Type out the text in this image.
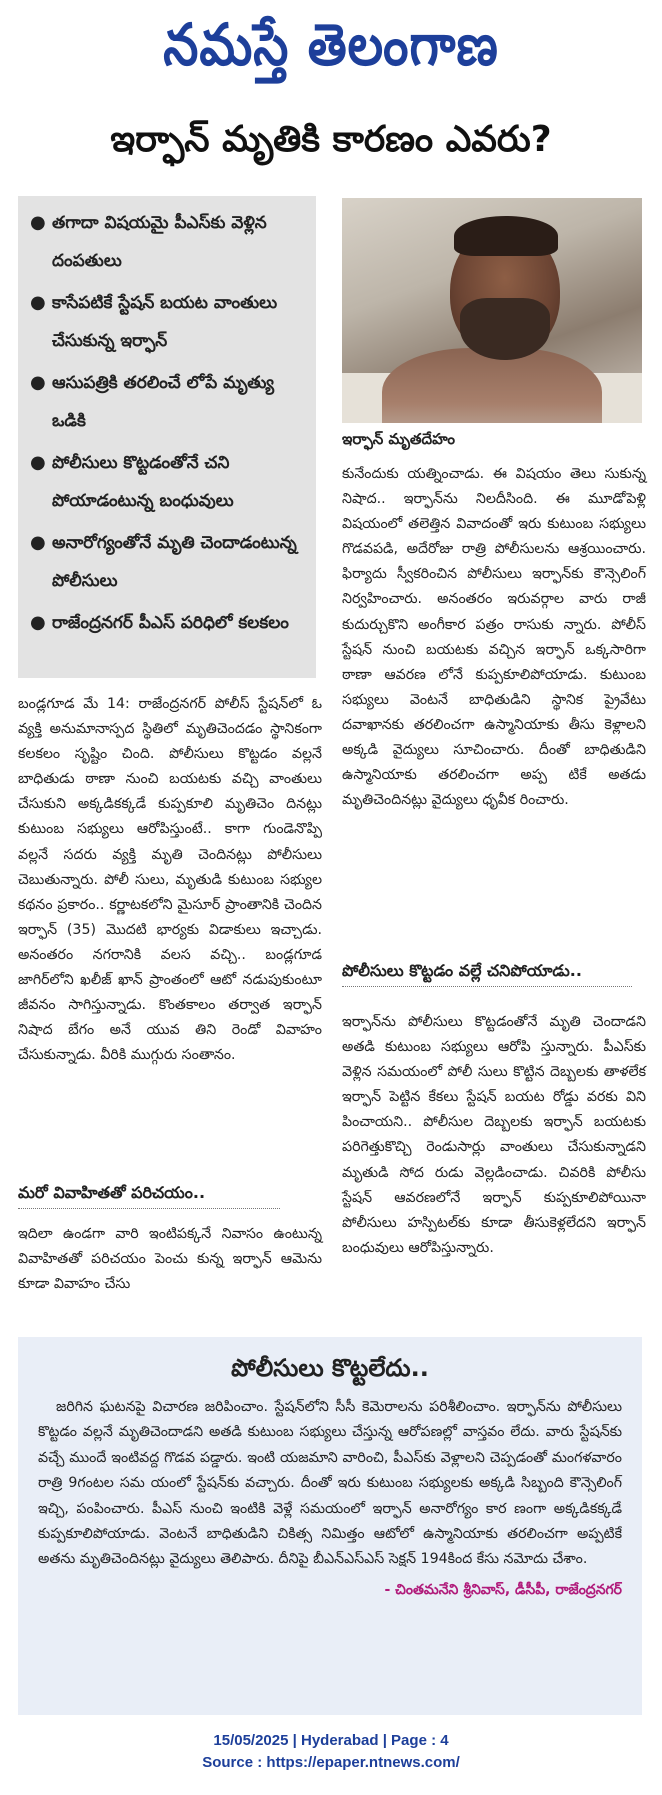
నమస్తే తెలంగాణ
ఇర్ఫాన్ మృతికి కారణం ఎవరు?
● తగాదా విషయమై పీఎస్‌కు వెళ్లిన దంపతులు
● కాసేపటికే స్టేషన్ బయట వాంతులు చేసుకున్న ఇర్ఫాన్
● ఆసుపత్రికి తరలించే లోపే మృత్యు ఒడికి
● పోలీసులు కొట్టడంతోనే చని పోయాడంటున్న బంధువులు
● అనారోగ్యంతోనే మృతి చెందాడంటున్న పోలీసులు
● రాజేంద్రనగర్ పీఎస్ పరిధిలో కలకలం
ఇర్ఫాన్ మృతదేహం
బండ్లగూడ మే 14: రాజేంద్రనగర్ పోలీస్ స్టేషన్‌లో ఓ వ్యక్తి అనుమానాస్పద స్థితిలో మృతిచెందడం స్థానికంగా కలకలం సృష్టిం చింది. పోలీసులు కొట్టడం వల్లనే బాధితుడు ఠాణా నుంచి బయటకు వచ్చి వాంతులు చేసుకుని అక్కడికక్కడే కుప్పకూలి మృతిచెం దినట్లు కుటుంబ సభ్యులు ఆరోపిస్తుంటే.. కాగా గుండెనొప్పి వల్లనే సదరు వ్యక్తి మృతి చెందినట్లు పోలీసులు చెబుతున్నారు. పోలీ సులు, మృతుడి కుటుంబ సభ్యుల కథనం ప్రకారం.. కర్ణాటకలోని మైసూర్ ప్రాంతానికి చెందిన ఇర్ఫాన్ (35) మొదటి భార్యకు విడాకులు ఇచ్చాడు. అనంతరం నగరానికి వలస వచ్చి.. బండ్లగూడ జాగిర్‌లోని ఖలీజ్ ఖాన్ ప్రాంతంలో ఆటో నడుపుకుంటూ జీవనం సాగిస్తున్నాడు. కొంతకాలం తర్వాత ఇర్ఫాన్ నిషాద బేగం అనే యువ తిని రెండో వివాహం చేసుకున్నాడు. వీరికి ముగ్గురు సంతానం.
మరో వివాహితతో పరిచయం..
ఇదిలా ఉండగా వారి ఇంటిపక్కనే నివాసం ఉంటున్న వివాహితతో పరిచయం పెంచు కున్న ఇర్ఫాన్ ఆమెను కూడా వివాహం చేసు
కునేందుకు యత్నించాడు. ఈ విషయం తెలు సుకున్న నిషాద.. ఇర్ఫాన్‌ను నిలదీసింది. ఈ మూడోపెళ్లి విషయంలో తలెత్తిన వివాదంతో ఇరు కుటుంబ సభ్యులు గొడవపడి, అదేరోజు రాత్రి పోలీసులను ఆశ్రయించారు. ఫిర్యాదు స్వీకరించిన పోలీసులు ఇర్ఫాన్‌కు కౌన్సెలింగ్ నిర్వహించారు. అనంతరం ఇరువర్గాల వారు రాజీ కుదుర్చుకొని అంగీకార పత్రం రాసుకు న్నారు. పోలీస్ స్టేషన్ నుంచి బయటకు వచ్చిన ఇర్ఫాన్ ఒక్కసారిగా ఠాణా ఆవరణ లోనే కుప్పకూలిపోయాడు. కుటుంబ సభ్యులు వెంటనే బాధితుడిని స్థానిక ప్రైవేటు దవాఖానకు తరలించగా ఉస్మానియాకు తీసు కెళ్లాలని అక్కడి వైద్యులు సూచించారు. దీంతో బాధితుడిని ఉస్మానియాకు తరలించగా అప్ప టికే అతడు మృతిచెందినట్లు వైద్యులు ధృవీక రించారు.
పోలీసులు కొట్టడం వల్లే చనిపోయాడు..
ఇర్ఫాన్‌ను పోలీసులు కొట్టడంతోనే మృతి చెందాడని అతడి కుటుంబ సభ్యులు ఆరోపి స్తున్నారు. పీఎస్‌కు వెళ్లిన సమయంలో పోలీ సులు కొట్టిన దెబ్బలకు తాళలేక ఇర్ఫాన్ పెట్టిన కేకలు స్టేషన్ బయట రోడ్డు వరకు విని పించాయని.. పోలీసుల దెబ్బలకు ఇర్ఫాన్ బయటకు పరిగెత్తుకొచ్చి రెండుసార్లు వాంతులు చేసుకున్నాడని మృతుడి సోద రుడు వెల్లడించాడు. చివరికి పోలీసు స్టేషన్ ఆవరణలోనే ఇర్ఫాన్ కుప్పకూలిపోయినా పోలీసులు హస్పిటల్‌కు కూడా తీసుకెళ్లలేదని ఇర్ఫాన్ బంధువులు ఆరోపిస్తున్నారు.
పోలీసులు కొట్టలేదు..
జరిగిన ఘటనపై విచారణ జరిపించాం. స్టేషన్‌లోని సీసీ కెమెరాలను పరిశీలించాం. ఇర్ఫాన్‌ను పోలీసులు కొట్టడం వల్లనే మృతిచెందాడని అతడి కుటుంబ సభ్యులు చేస్తున్న ఆరోపణల్లో వాస్తవం లేదు. వారు స్టేషన్‌కు వచ్చే ముందే ఇంటివద్ద గొడవ పడ్డారు. ఇంటి యజమాని వారించి, పీఎస్‌కు వెళ్లాలని చెప్పడంతో మంగళవారం రాత్రి 9గంటల సమ యంలో స్టేషన్‌కు వచ్చారు. దీంతో ఇరు కుటుంబ సభ్యులకు అక్కడి సిబ్బంది కౌన్సెలింగ్ ఇచ్చి, పంపించారు. పీఎస్ నుంచి ఇంటికి వెళ్లే సమయంలో ఇర్ఫాన్ అనారోగ్యం కార ణంగా అక్కడికక్కడే కుప్పకూలిపోయాడు. వెంటనే బాధితుడిని చికిత్స నిమిత్తం ఆటోలో ఉస్మానియాకు తరలించగా అప్పటికే అతను మృతిచెందినట్లు వైద్యులు తెలిపారు. దీనిపై బీఎన్ఎస్ఎస్ సెక్షన్ 194కింద కేసు నమోదు చేశాం.
- చింతమనేని శ్రీనివాస్, డీసీపీ, రాజేంద్రనగర్
15/05/2025 | Hyderabad | Page : 4
Source : https://epaper.ntnews.com/
